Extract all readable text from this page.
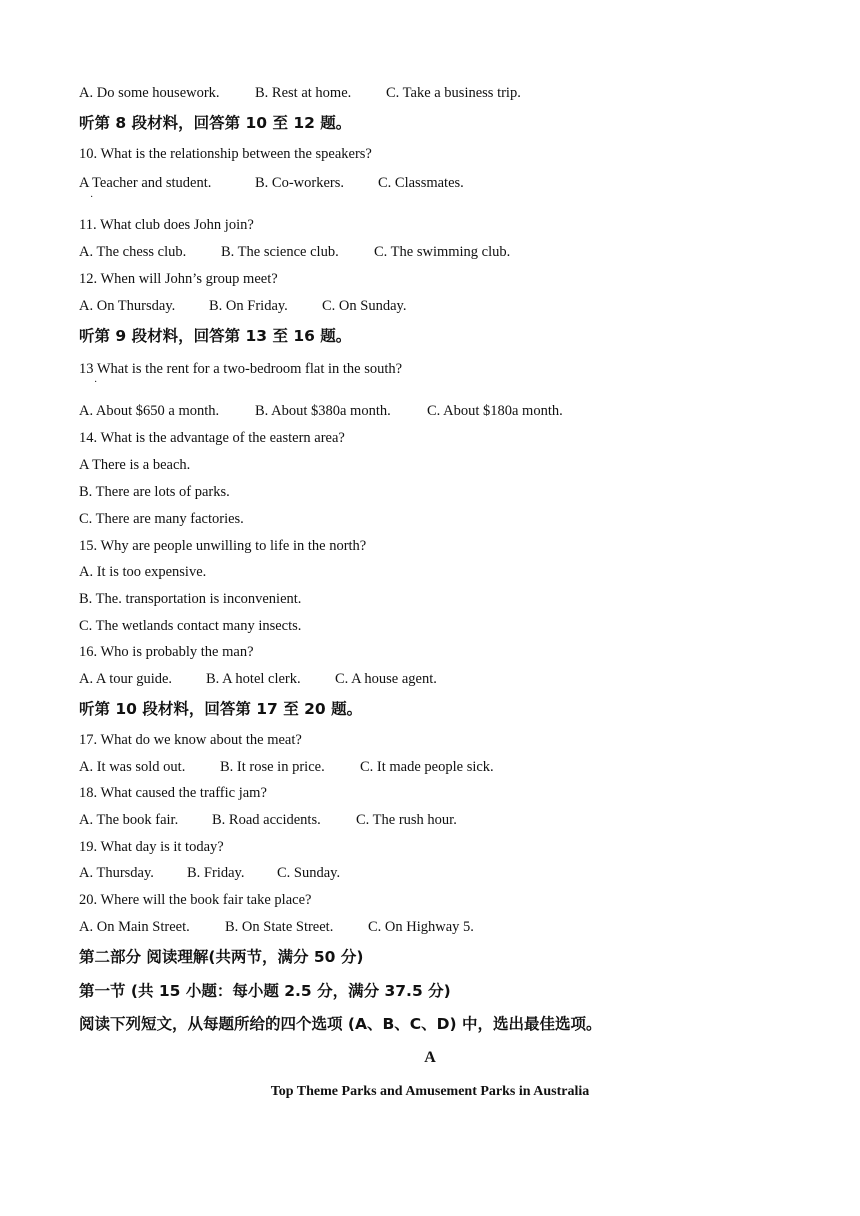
A. Do some housework. B. Rest at home. C. Take a business trip.
听第 8 段材料，回答第 10 至 12 题。
10. What is the relationship between the speakers?
A Teacher and student.	B. Co-workers. C. Classmates.
·
11. What club does John join?
A. The chess club. B. The science club. C. The swimming club.
12. When will John’s group meet?
A. On Thursday. B. On Friday. C. On Sunday.
听第 9 段材料，回答第 13 至 16 题。
13 What is the rent for a two-bedroom flat in the south?
·
A. About $650 a month. B. About $380a month.	C. About $180a month.
14. What is the advantage of the eastern area?
A There is a beach.
B. There are lots of parks.
C. There are many factories.
15. Why are people unwilling to life in the north?
A. It is too expensive.
B. The. transportation is inconvenient.
C. The wetlands contact many insects.
16. Who is probably the man?
A. A tour guide. B. A hotel clerk. C. A house agent.
听第 10 段材料，回答第 17 至 20 题。
17. What do we know about the meat?
A. It was sold out. B. It rose in price. C. It made people sick.
18. What caused the traffic jam?
A. The book fair. B. Road accidents. C. The rush hour.
19. What day is it today?
A. Thursday. B. Friday. C. Sunday.
20. Where will the book fair take place?
A. On Main Street. B. On State Street. C. On Highway 5.
第二部分 阅读理解(共两节，满分 50 分)
第一节 (共 15 小题：每小题 2.5 分，满分 37.5 分)
阅读下列短文，从每题所给的四个选项 (A、B、C、D) 中，选出最佳选项。
A
Top Theme Parks and Amusement Parks in Australia
